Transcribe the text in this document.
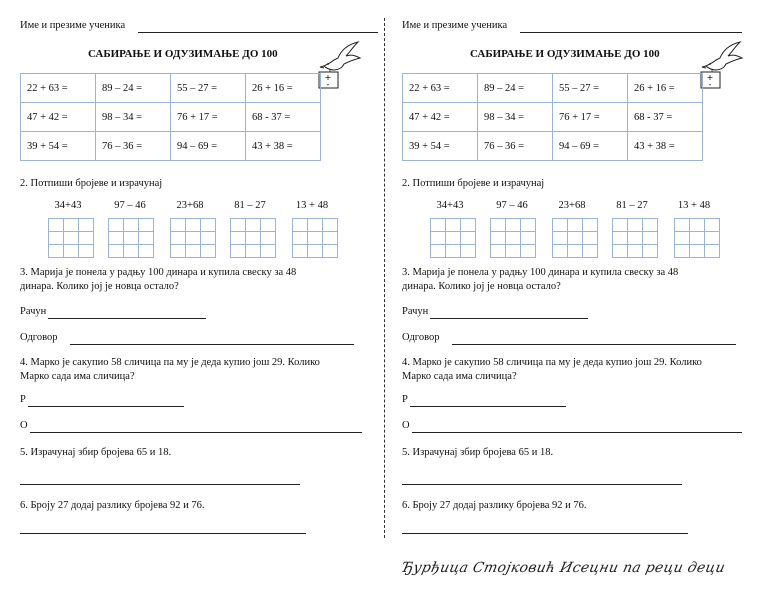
Име и презиме ученика
САБИРАЊЕ И ОДУЗИМАЊЕ ДО 100
+
-
22 + 63 =	89 – 24 =	55 – 27 =	26 + 16 =
47 + 42 =	98 – 34 =	76 + 17 =	68 - 37 =
39 + 54 =	76 – 36 =	94 – 69 =	43 + 38 =
2. Потпиши бројеве и израчунај
34+43	97 – 46	23+68	81 – 27	13 + 48
3. Марија је понела у радњу 100 динара и купила свеску за 48
динара. Колико јој је новца остало?
Рачун
Одговор
4. Марко је сакупио 58 сличица па му је деда купио још 29. Колико
Марко сада има сличица?
Р
О
5. Израчунај збир бројева 65 и 18.
6. Броју 27 додај разлику бројева 92 и 76.
Име и презиме ученика
САБИРАЊЕ И ОДУЗИМАЊЕ ДО 100
+
-
22 + 63 =	89 – 24 =	55 – 27 =	26 + 16 =
47 + 42 =	98 – 34 =	76 + 17 =	68 - 37 =
39 + 54 =	76 – 36 =	94 – 69 =	43 + 38 =
2. Потпиши бројеве и израчунај
34+43	97 – 46	23+68	81 – 27	13 + 48
3. Марија је понела у радњу 100 динара и купила свеску за 48
динара. Колико јој је новца остало?
Рачун
Одговор
4. Марко је сакупио 58 сличица па му је деда купио још 29. Колико
Марко сада има сличица?
Р
О
5. Израчунај збир бројева 65 и 18.
6. Броју 27 додај разлику бројева 92 и 76.
Ђурђица Стојковић Исецни па реци деци
